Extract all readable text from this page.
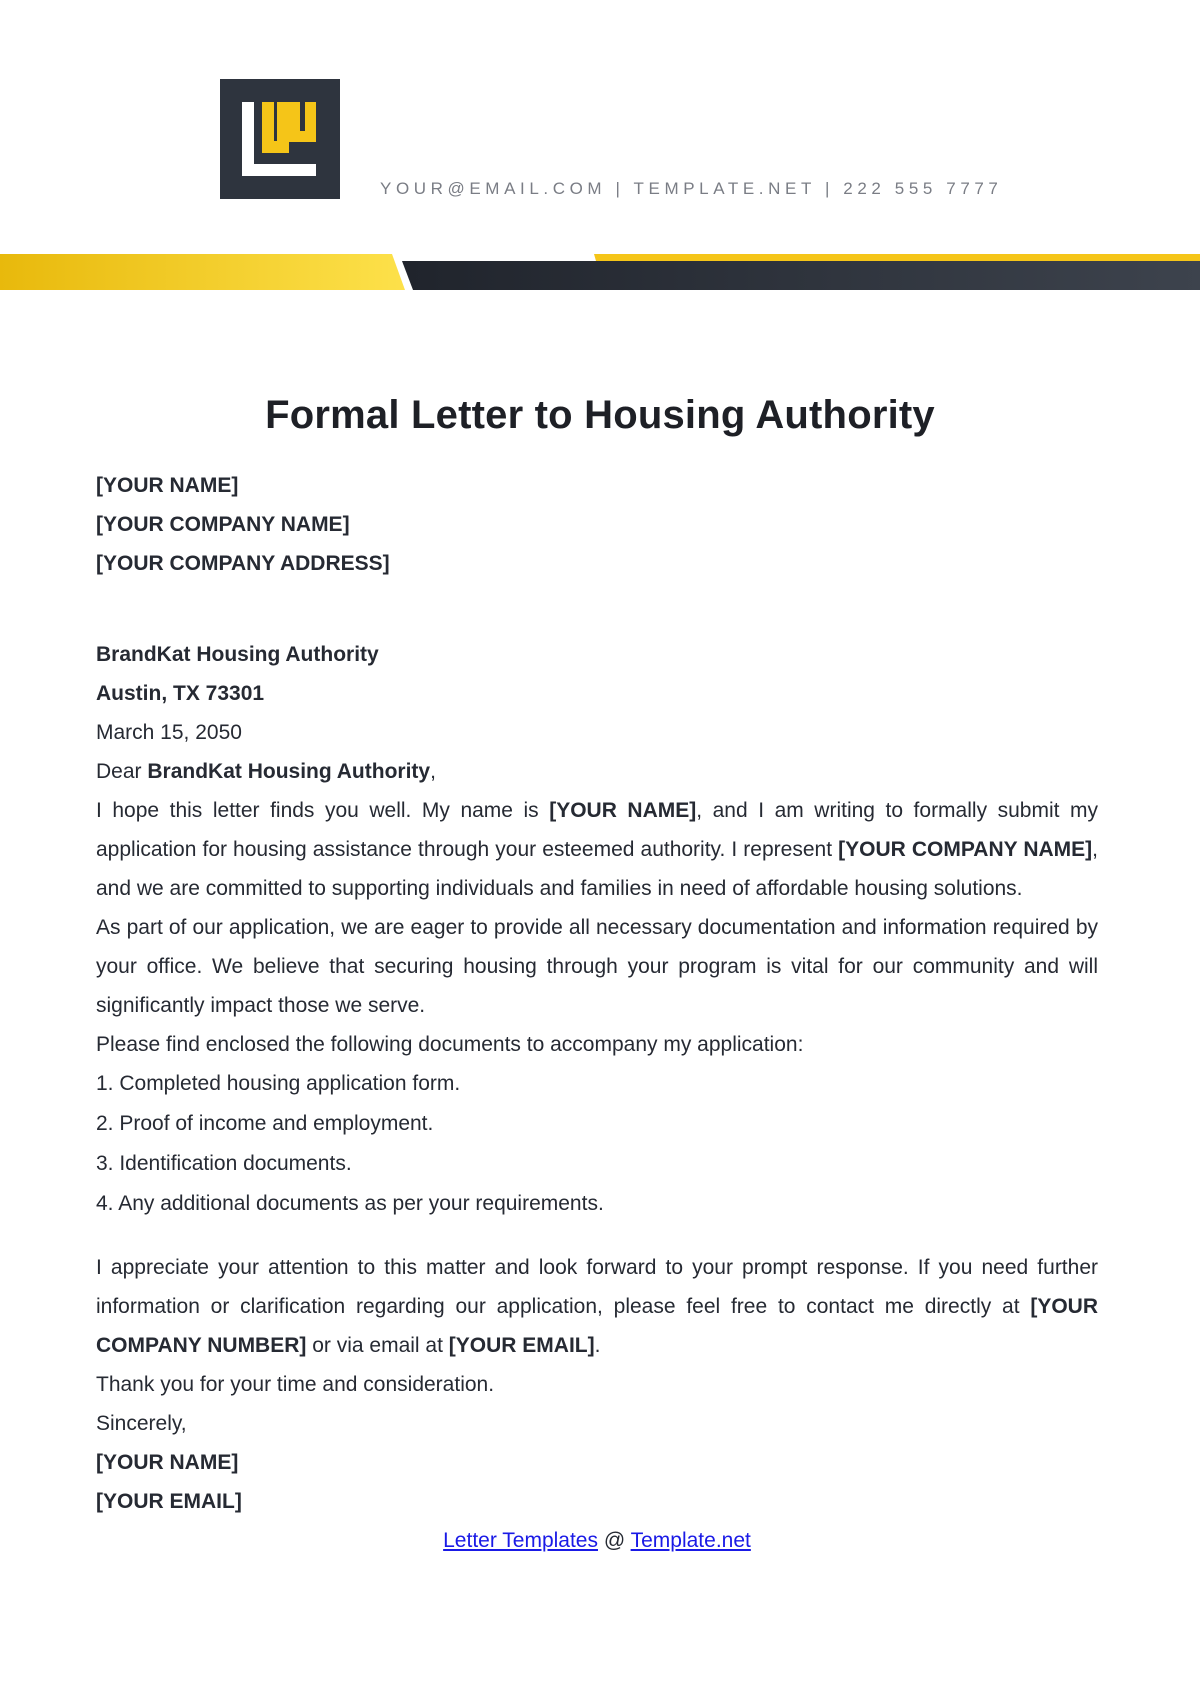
YOUR@EMAIL.COM | TEMPLATE.NET | 222 555 7777
Formal Letter to Housing Authority

[YOUR NAME]

[YOUR COMPANY NAME]

[YOUR COMPANY ADDRESS]

BrandKat Housing Authority

Austin, TX 73301

March 15, 2050

Dear BrandKat Housing Authority,

I hope this letter finds you well. My name is [YOUR NAME], and I am writing to formally submit my application for housing assistance through your esteemed authority. I represent [YOUR COMPANY NAME], and we are committed to supporting individuals and families in need of affordable housing solutions.

As part of our application, we are eager to provide all necessary documentation and information required by your office. We believe that securing housing through your program is vital for our community and will significantly impact those we serve.

Please find enclosed the following documents to accompany my application:

1. Completed housing application form.
2. Proof of income and employment.
3. Identification documents.
4. Any additional documents as per your requirements.

I appreciate your attention to this matter and look forward to your prompt response. If you need further information or clarification regarding our application, please feel free to contact me directly at [YOUR COMPANY NUMBER] or via email at [YOUR EMAIL].

Thank you for your time and consideration.

Sincerely,

[YOUR NAME]

[YOUR EMAIL]

Letter Templates @ Template.net
